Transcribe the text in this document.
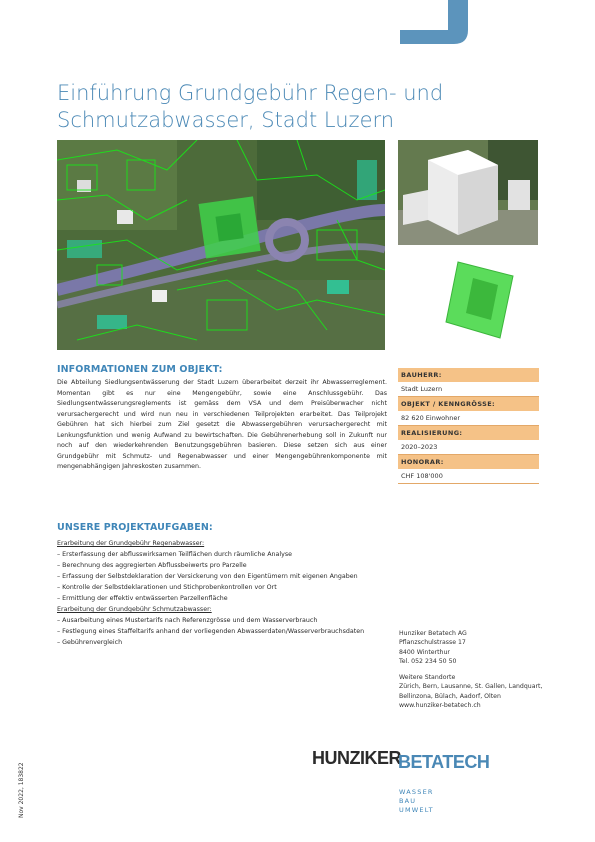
Einführung Grundgebühr Regen- und Schmutzabwasser, Stadt Luzern
INFORMATIONEN ZUM OBJEKT:
Die Abteilung Siedlungsentwässerung der Stadt Luzern überarbeitet derzeit ihr Abwasserreglement. Momentan gibt es nur eine Mengengebühr, sowie eine Anschlussgebühr. Das Siedlungsentwässerungsreglements ist gemäss dem VSA und dem Preisüberwacher nicht verursachergerecht und wird nun neu in verschiedenen Teilprojekten erarbeitet. Das Teilprojekt Gebühren hat sich hierbei zum Ziel gesetzt die Abwassergebühren verursachergerecht mit Lenkungsfunktion und wenig Aufwand zu bewirtschaften. Die Gebührenerhebung soll in Zukunft nur noch auf den wiederkehrenden Benutzungsgebühren basieren. Diese setzen sich aus einer Grundgebühr mit Schmutz- und Regenabwasser und einer Mengengebührenkomponente mit mengenabhängigen Jahreskosten zusammen.
UNSERE PROJEKTAUFGABEN:
Erarbeitung der Grundgebühr Regenabwasser:
– Ersterfassung der abflusswirksamen Teilflächen durch räumliche Analyse
– Berechnung des aggregierten Abflussbeiwerts pro Parzelle
– Erfassung der Selbstdeklaration der Versickerung von den Eigentümern mit eigenen Angaben
– Kontrolle der Selbstdeklarationen und Stichprobenkontrollen vor Ort
– Ermittlung der effektiv entwässerten Parzellenfläche
Erarbeitung der Grundgebühr Schmutzabwasser:
– Ausarbeitung eines Mustertarifs nach Referenzgrösse und dem Wasserverbrauch
– Festlegung eines Staffeltarifs anhand der vorliegenden Abwasserdaten/Wasserverbrauchsdaten
– Gebührenvergleich
BAUHERR:
Stadt Luzern
OBJEKT / KENNGRÖSSE:
82 620 Einwohner
REALISIERUNG:
2020–2023
HONORAR:
CHF 108'000
Hunziker Betatech AG
Pflanzschulstrasse 17
8400 Winterthur
Tel. 052 234 50 50
Weitere Standorte
Zürich, Bern, Lausanne, St. Gallen, Landquart, Bellinzona, Bülach, Aadorf, Olten
www.hunziker-betatech.ch
Nov 2022, 183822
HUNZIKER
BETATECH
WASSER
BAU
UMWELT
